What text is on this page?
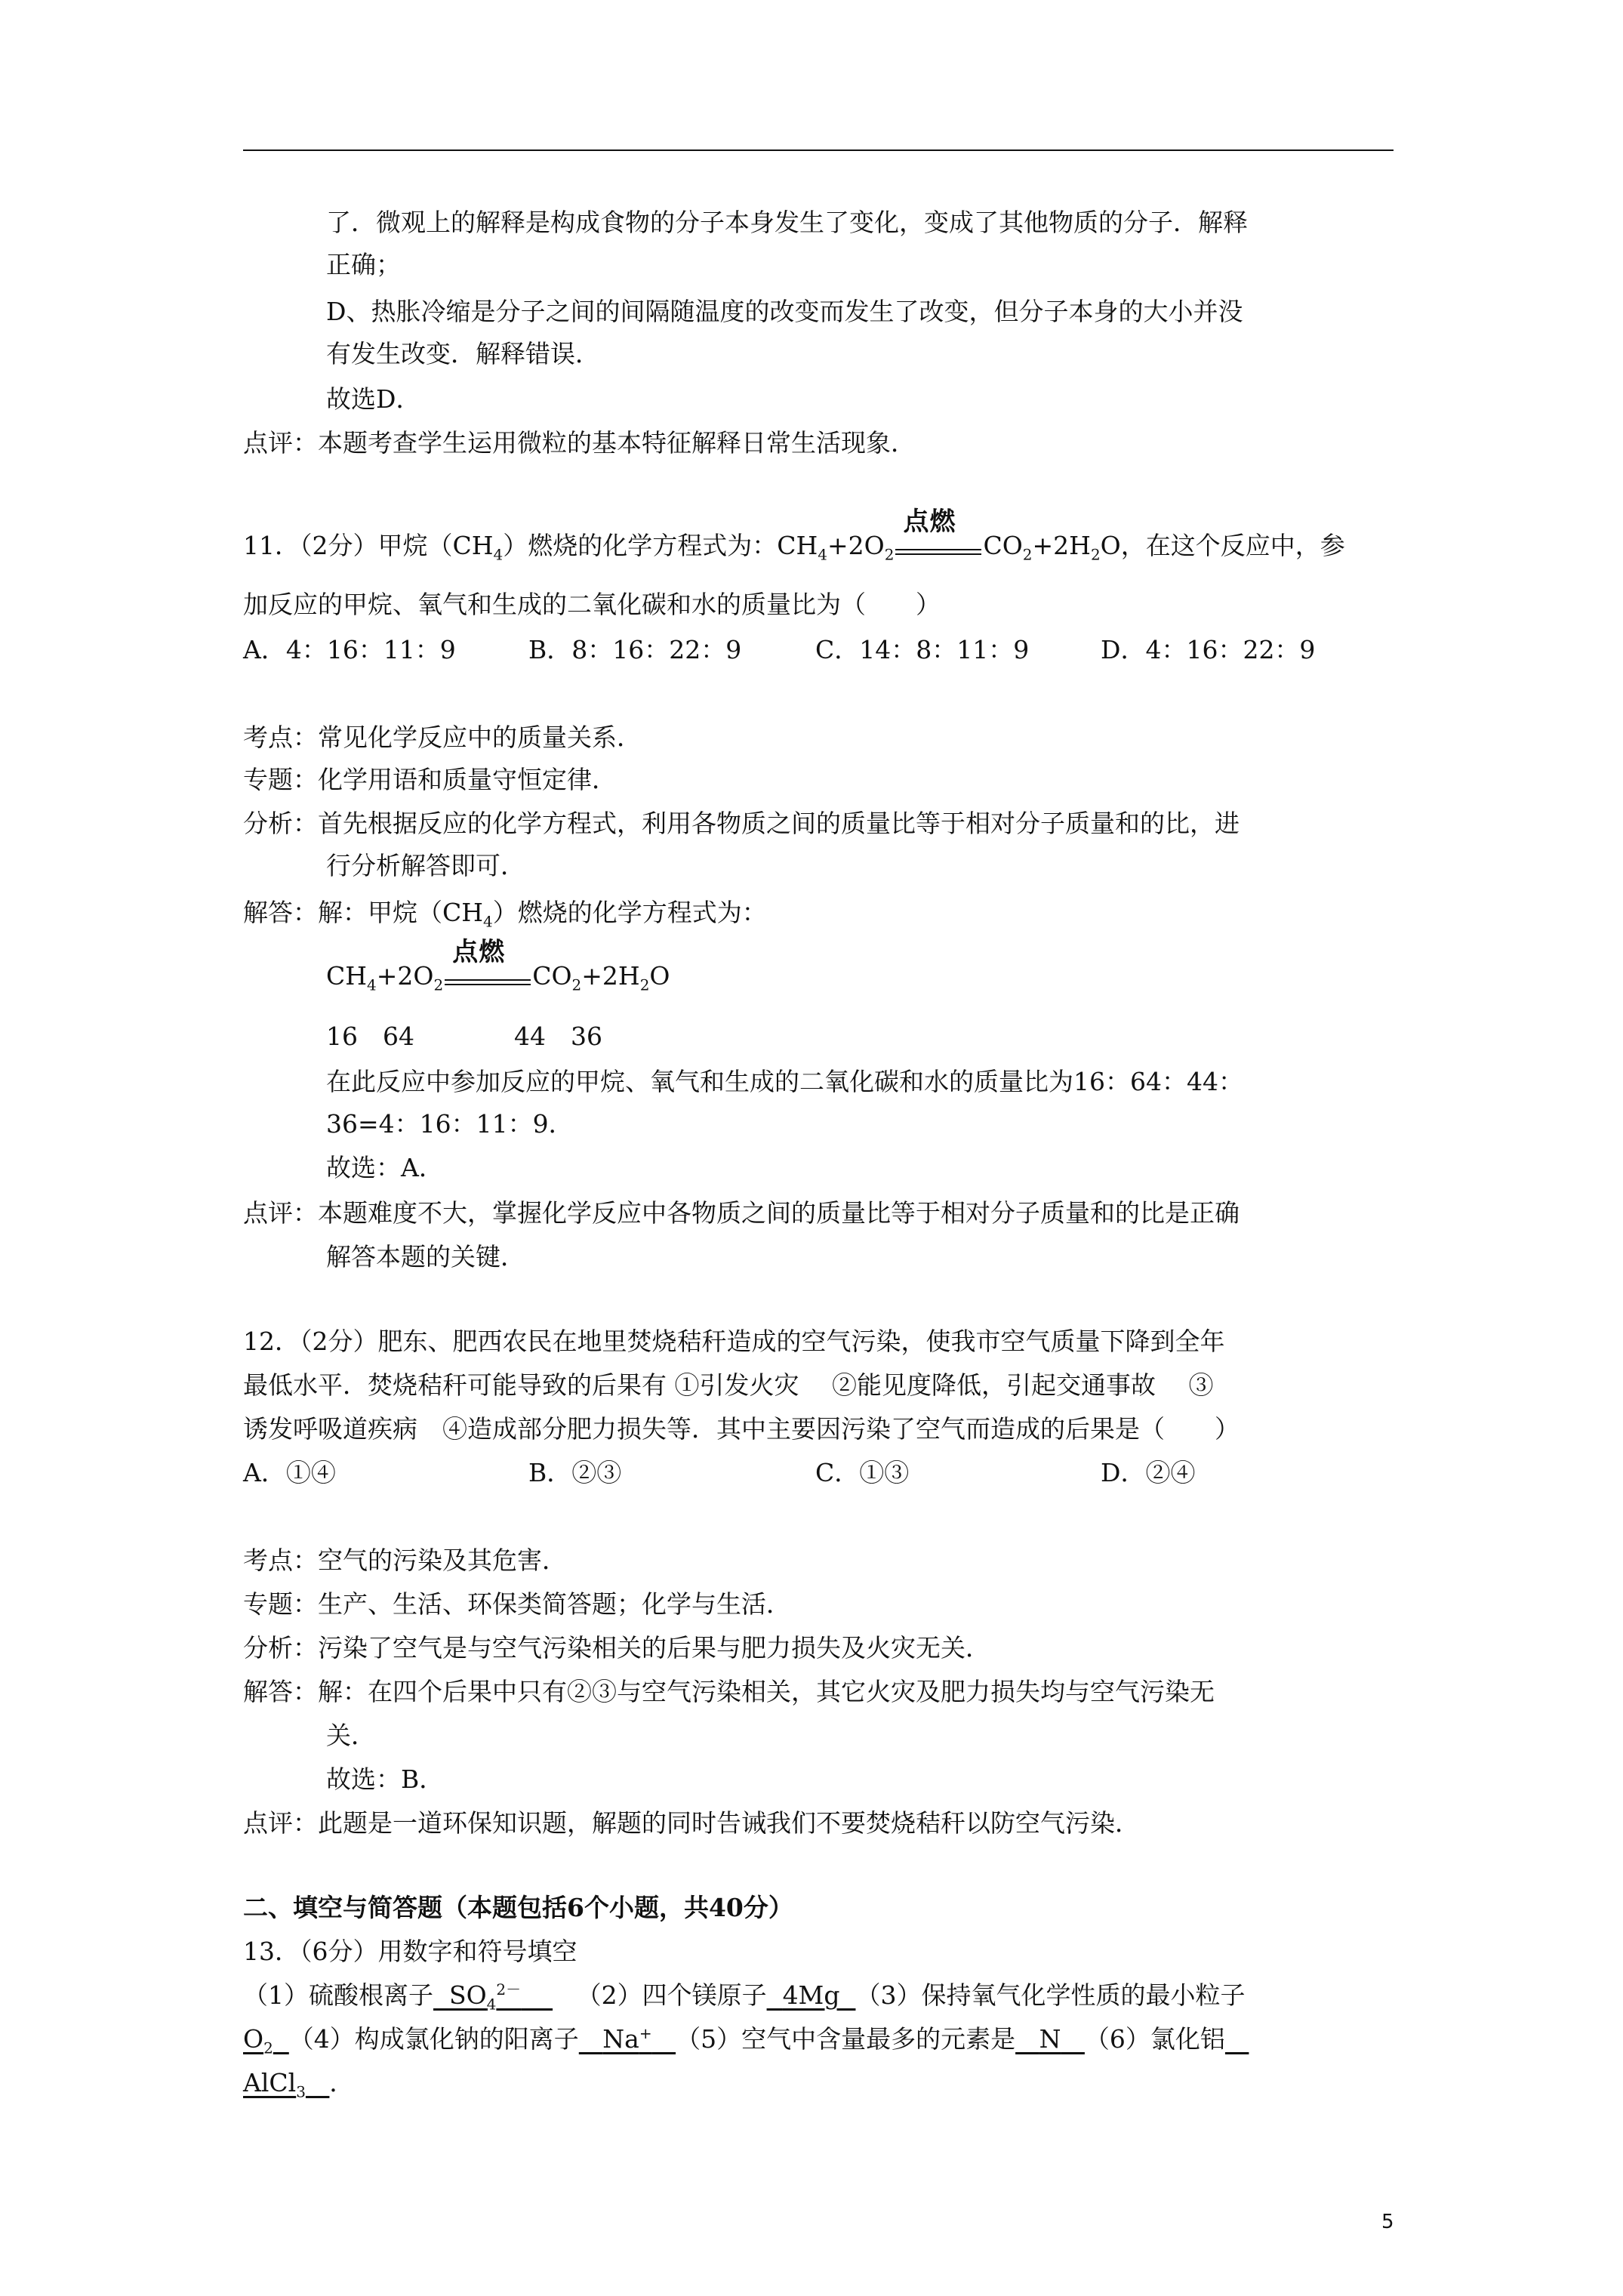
了．微观上的解释是构成食物的分子本身发生了变化，变成了其他物质的分子．解释
正确；
D、热胀冷缩是分子之间的间隔随温度的改变而发生了改变，但分子本身的大小并没
有发生改变．解释错误．
故选D．
点评：本题考查学生运用微粒的基本特征解释日常生活现象．
11．（2分）甲烷$(CH_4)$燃烧的化学方程式为：$CH_4+2O_2$
点燃
$CO_2+2H_2O$，在这个反应中，参
加反应的甲烷、氧气和生成的二氧化碳和水的质量比为（　　）
A．4：16：11：9	B．8：16：22：9	C．14：8：11：9	D．4：16：22：9
考点：常见化学反应中的质量关系．
专题：化学用语和质量守恒定律．
分析：首先根据反应的化学方程式，利用各物质之间的质量比等于相对分子质量和的比，进
行分析解答即可．
解答：解：甲烷$(CH_4)$燃烧的化学方程式为：
$CH_4+2O_2$
点燃
$CO_2+2H_2O$
16　64　　　　44　36
在此反应中参加反应的甲烷、氧气和生成的二氧化碳和水的质量比为16：64：44：
36=4：16：11：9．
故选：A．
点评：本题难度不大，掌握化学反应中各物质之间的质量比等于相对分子质量和的比是正确
解答本题的关键．
12．（2分）肥东、肥西农民在地里焚烧秸秆造成的空气污染，使我市空气质量下降到全年
最低水平．焚烧秸秆可能导致的后果有 ①引发火灾　 ②能见度降低，引起交通事故　 ③
诱发呼吸道疾病　④造成部分肥力损失等．其中主要因污染了空气而造成的后果是（　　）
A．①④	B．②③	C．①③	D．②④
考点：空气的污染及其危害．
专题：生产、生活、环保类简答题；化学与生活．
分析：污染了空气是与空气污染相关的后果与肥力损失及火灾无关．
解答：解：在四个后果中只有②③与空气污染相关，其它火灾及肥力损失均与空气污染无
关．
故选：B．
点评：此题是一道环保知识题，解题的同时告诫我们不要焚烧秸秆以防空气污染．
二、填空与简答题（本题包括6个小题，共40分）
13．（6分）用数字和符号填空
（1）硫酸根离子 $SO_4^{2-}$ （2）四个镁原子 4Mg （3）保持氧气化学性质的最小粒子
$O_2$ （4）构成氯化钠的阳离子 Na+ （5）空气中含量最多的元素是 N （6）氯化铝
AlCl$_3$ ．
5
